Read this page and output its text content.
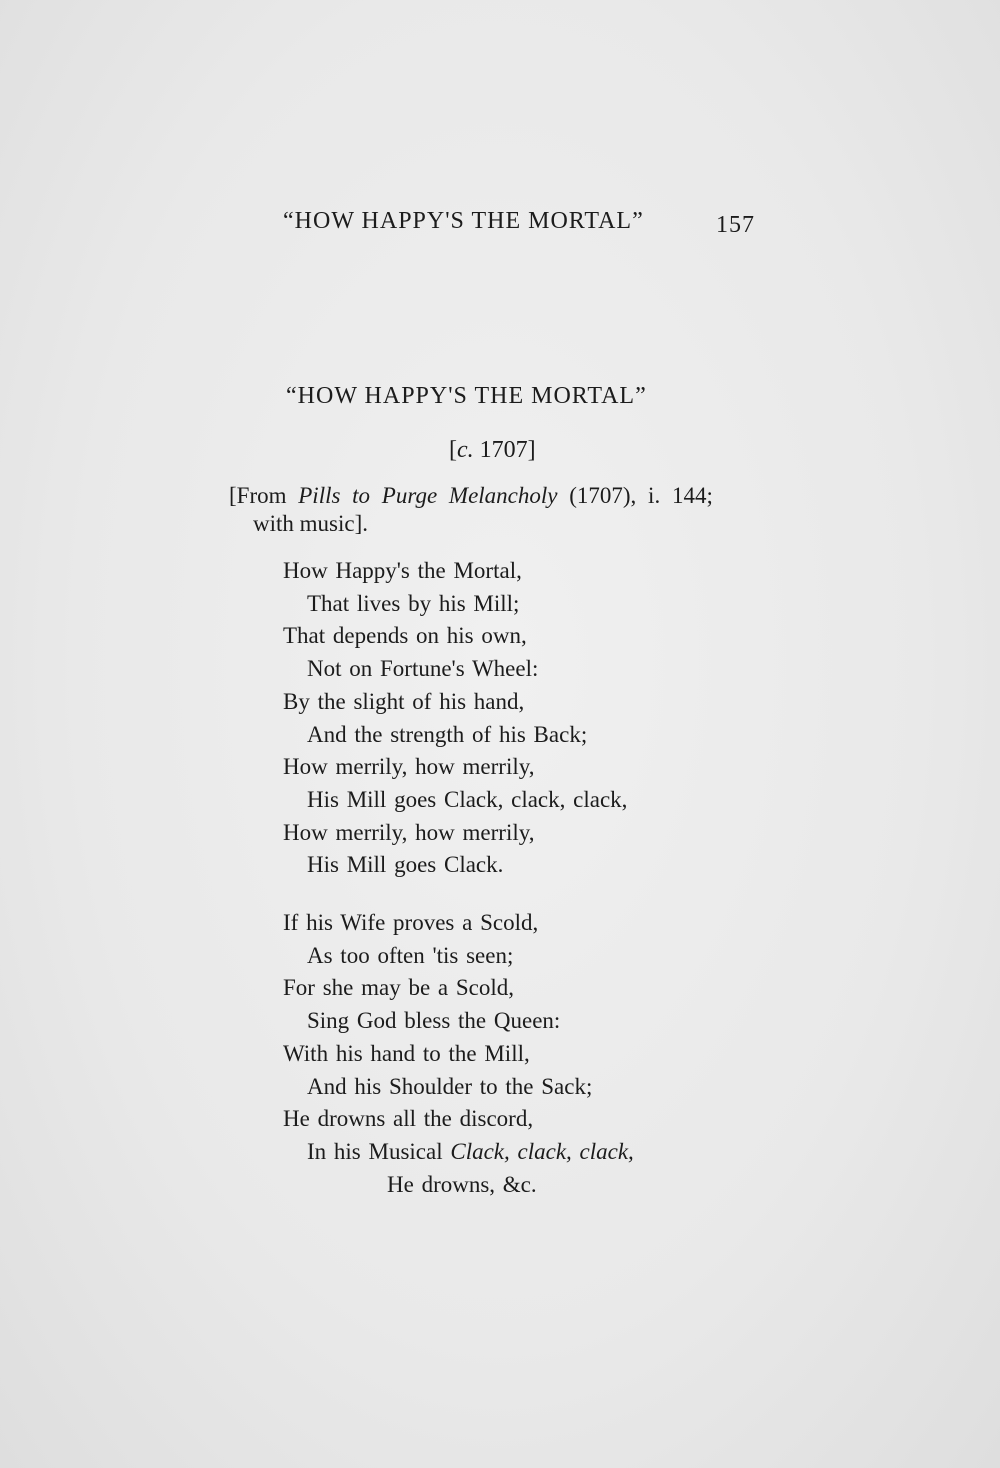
“HOW HAPPY'S THE MORTAL”	157
“HOW HAPPY'S THE MORTAL”
[c. 1707]
[From Pills to Purge Melancholy (1707), i. 144;
with music].
How Happy's the Mortal,
That lives by his Mill;
That depends on his own,
Not on Fortune's Wheel:
By the slight of his hand,
And the strength of his Back;
How merrily, how merrily,
His Mill goes Clack, clack, clack,
How merrily, how merrily,
His Mill goes Clack.
If his Wife proves a Scold,
As too often 'tis seen;
For she may be a Scold,
Sing God bless the Queen:
With his hand to the Mill,
And his Shoulder to the Sack;
He drowns all the discord,
In his Musical Clack, clack, clack,
He drowns, &c.
